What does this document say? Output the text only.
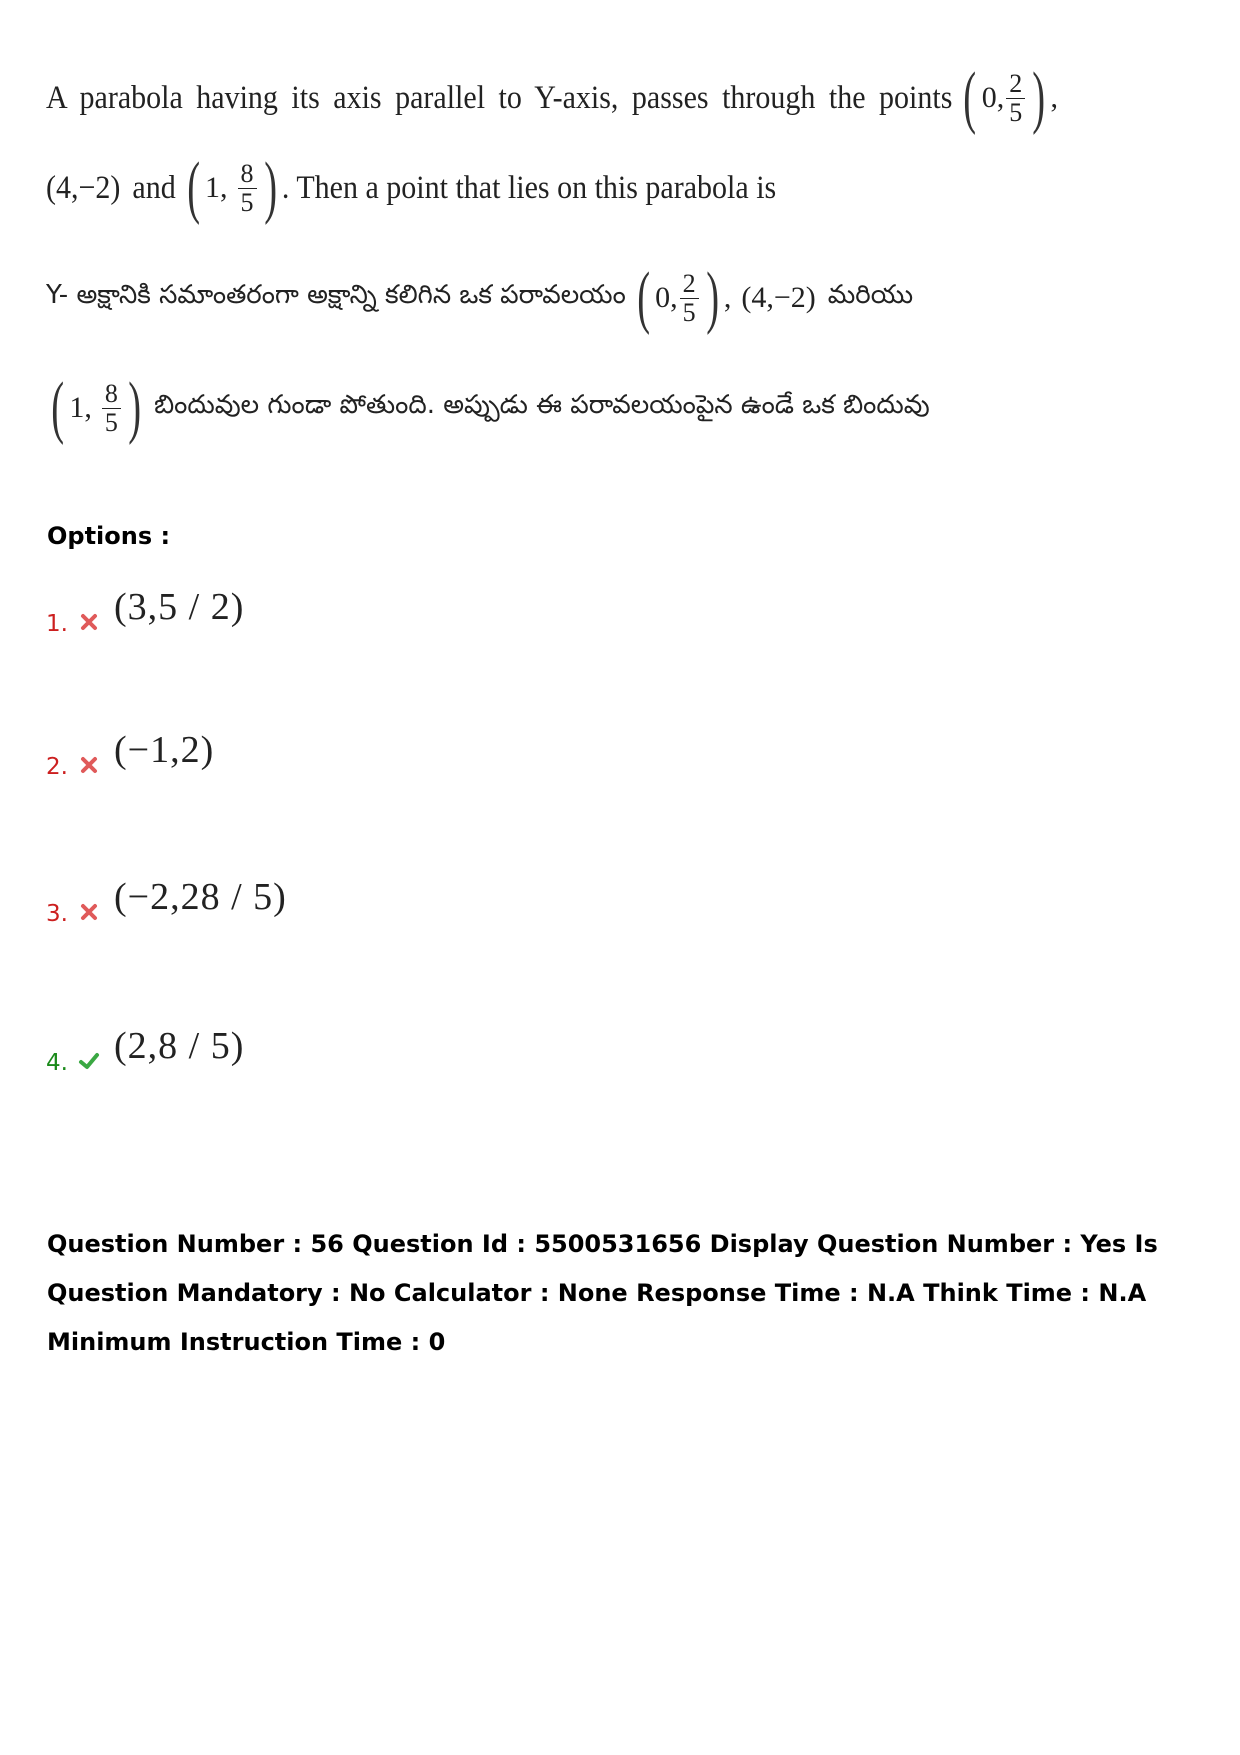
A parabola having its axis parallel to Y-axis, passes through the points ( 0, $\frac{2}{5}$ ) ,
(4,−2) and ( 1, $\frac{8}{5}$ ) . Then a point that lies on this parabola is
Y- అక్షానికి సమాంతరంగా అక్షాన్ని కలిగిన ఒక పరావలయం ( 0, $\frac{2}{5}$ ) , (4,−2) మరియు
( 1, $\frac{8}{5}$ ) బిందువుల గుండా పోతుంది. అప్పుడు ఈ పరావలయంపైన ఉండే ఒక బిందువు
Options :
1. (3,5 / 2)
2. (−1,2)
3. (−2,28 / 5)
4. (2,8 / 5)
Question Number : 56 Question Id : 5500531656 Display Question Number : Yes Is Question Mandatory : No Calculator : None Response Time : N.A Think Time : N.A Minimum Instruction Time : 0
